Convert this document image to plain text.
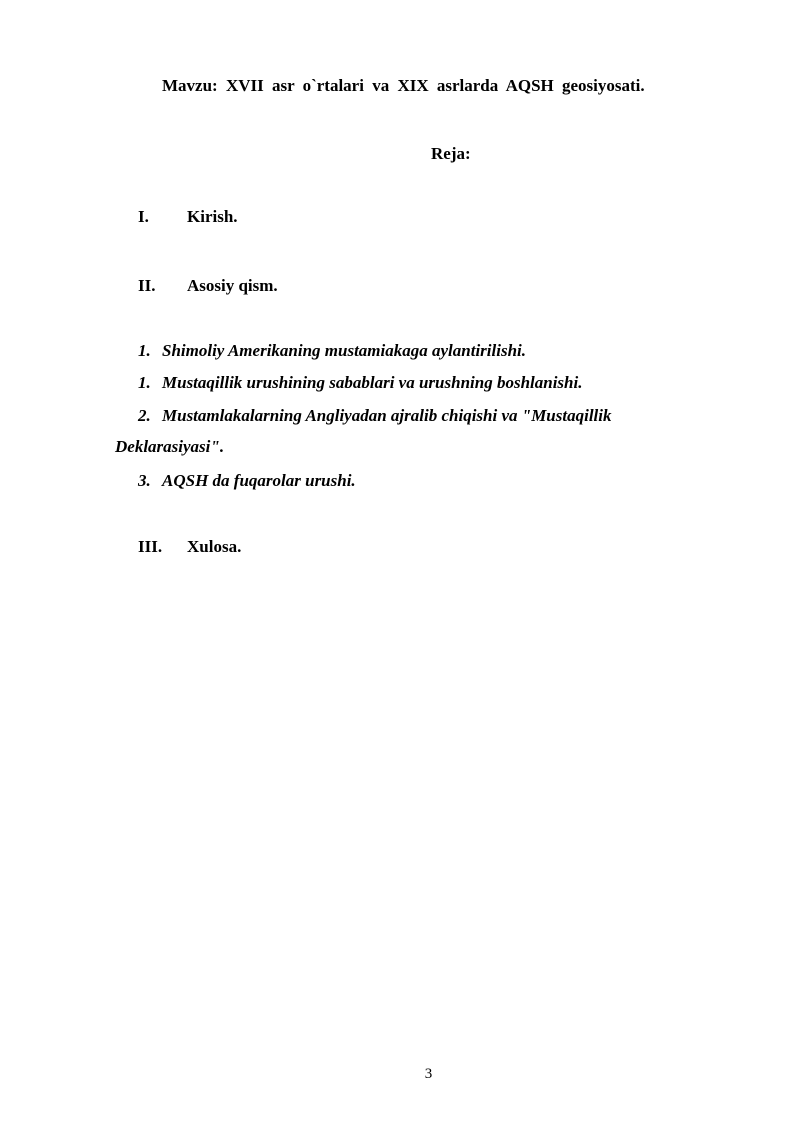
Mavzu: XVII asr o`rtalari va XIX asrlarda AQSH geosiyosati.
Reja:
I. Kirish.
II. Asosiy qism.
1. Shimoliy Amerikaning mustamiakaga aylantirilishi.
1. Mustaqillik urushining sabablari va urushning boshlanishi.
2. Mustamlakalarning Angliyadan ajralib chiqishi va "Mustaqillik
Deklarasiyasi".
3. AQSH da fuqarolar urushi.
III. Xulosa.
3
